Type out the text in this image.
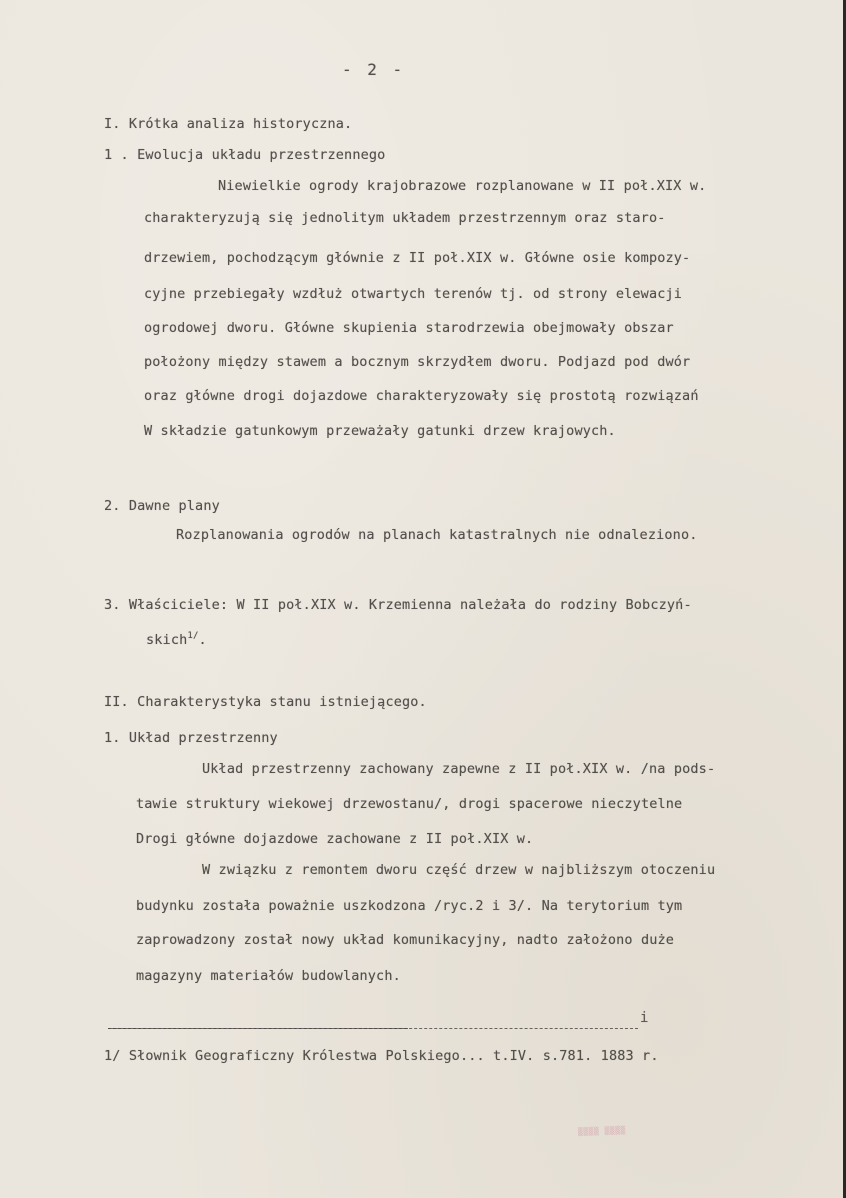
- 2 -
I. Krótka analiza historyczna.
1 . Ewolucja układu przestrzennego
Niewielkie ogrody krajobrazowe rozplanowane w II poł.XIX w.
charakteryzują się jednolitym układem przestrzennym oraz staro-
drzewiem, pochodzącym głównie z II poł.XIX w. Główne osie kompozy-
cyjne przebiegały wzdłuż otwartych terenów tj. od strony elewacji
ogrodowej dworu. Główne skupienia starodrzewia obejmowały obszar
położony między stawem a bocznym skrzydłem dworu. Podjazd pod dwór
oraz główne drogi dojazdowe charakteryzowały się prostotą rozwiązań
W składzie gatunkowym przeważały gatunki drzew krajowych.
2. Dawne plany
Rozplanowania ogrodów na planach katastralnych nie odnaleziono.
3. Właściciele: W II poł.XIX w. Krzemienna należała do rodziny Bobczyń-
skich$^{1/}$.
II. Charakterystyka stanu istniejącego.
1. Układ przestrzenny
Układ przestrzenny zachowany zapewne z II poł.XIX w. /na pods-
tawie struktury wiekowej drzewostanu/, drogi spacerowe nieczytelne
Drogi główne dojazdowe zachowane z II poł.XIX w.
W związku z remontem dworu część drzew w najbliższym otoczeniu
budynku została poważnie uszkodzona /ryc.2 i 3/. Na terytorium tym
zaprowadzony został nowy układ komunikacyjny, nadto założono duże
magazyny materiałów budowlanych.
i
1/ Słownik Geograficzny Królestwa Polskiego... t.IV. s.781. 1883 r.
▒▒▒▒ ▒▒▒▒
